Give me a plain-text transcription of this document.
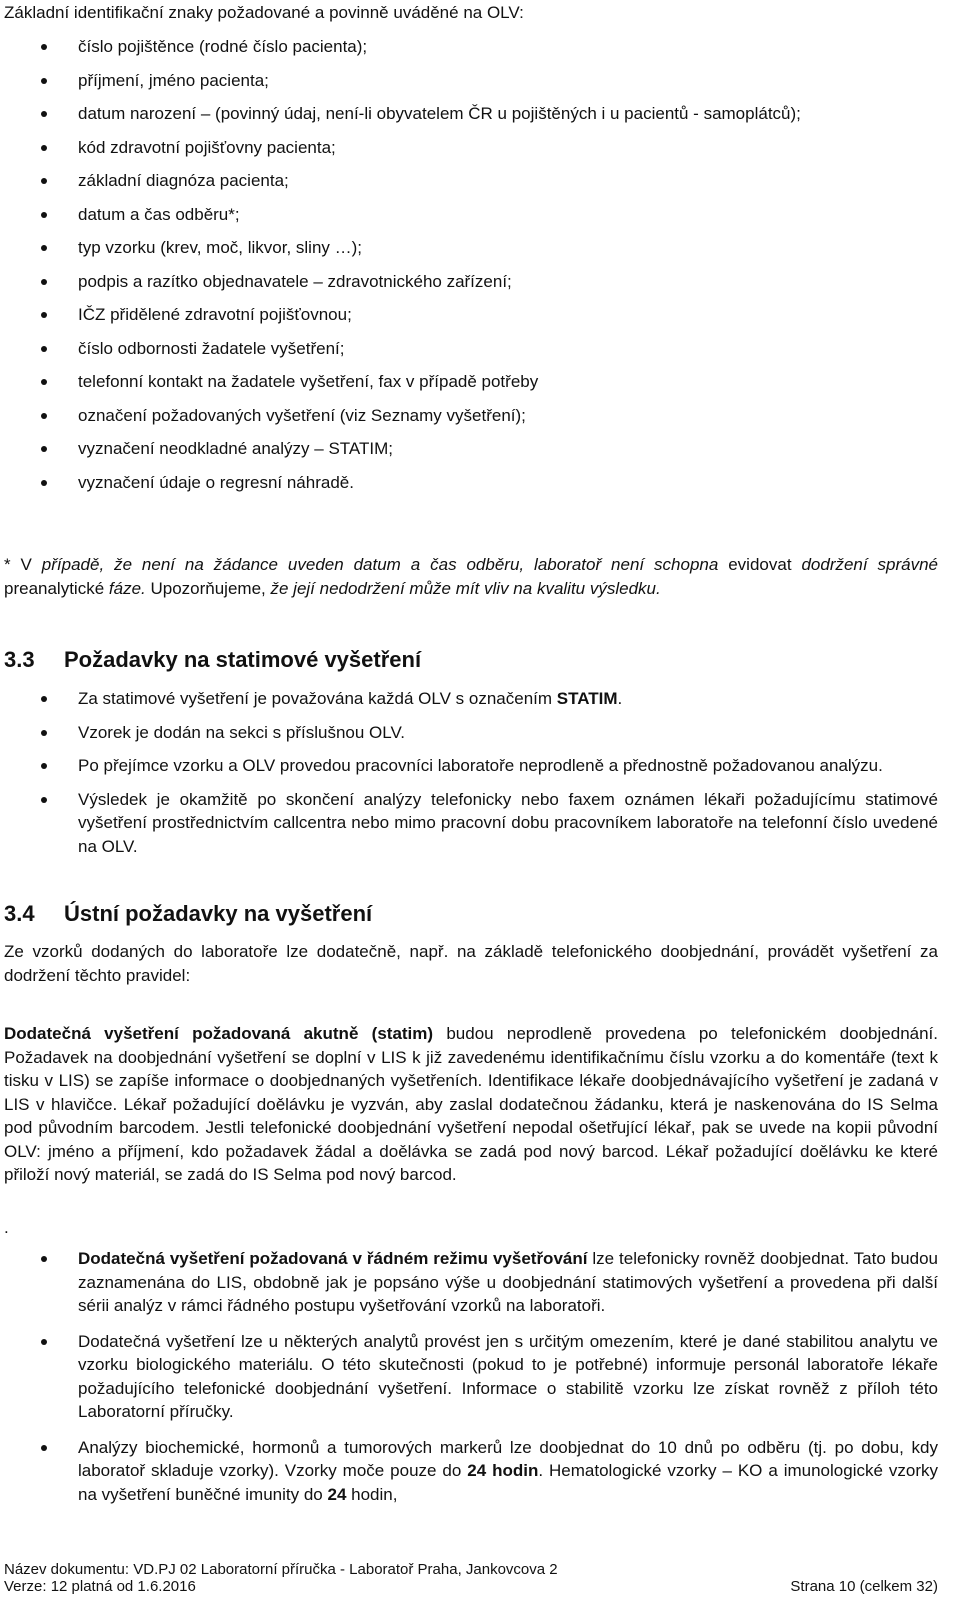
Základní identifikační znaky požadované a povinně uváděné na OLV:

číslo pojištěnce (rodné číslo pacienta);
příjmení, jméno pacienta;
datum narození – (povinný údaj, není-li obyvatelem ČR u pojištěných i u pacientů - samoplátců);
kód zdravotní pojišťovny pacienta;
základní diagnóza pacienta;
datum a čas odběru*;
typ vzorku (krev, moč, likvor, sliny …);
podpis a razítko objednavatele – zdravotnického zařízení;
IČZ přidělené zdravotní pojišťovnou;
číslo odbornosti žadatele vyšetření;
telefonní kontakt na žadatele vyšetření, fax v případě potřeby
označení požadovaných vyšetření (viz Seznamy vyšetření);
vyznačení neodkladné analýzy – STATIM;
vyznačení údaje o regresní náhradě.

* V případě, že není na žádance uveden datum a čas odběru, laboratoř není schopna evidovat dodržení správné preanalytické fáze. Upozorňujeme, že její nedodržení může mít vliv na kvalitu výsledku.

3.3 Požadavky na statimové vyšetření
Za statimové vyšetření je považována každá OLV s označením STATIM.
Vzorek je dodán na sekci s příslušnou OLV.
Po přejímce vzorku a OLV provedou pracovníci laboratoře neprodleně a přednostně požadovanou analýzu.
Výsledek je okamžitě po skončení analýzy telefonicky nebo faxem oznámen lékaři požadujícímu statimové vyšetření prostřednictvím callcentra nebo mimo pracovní dobu pracovníkem laboratoře na telefonní číslo uvedené na OLV.
3.4 Ústní požadavky na vyšetření

Ze vzorků dodaných do laboratoře lze dodatečně, např. na základě telefonického doobjednání, provádět vyšetření za dodržení těchto pravidel:

Dodatečná vyšetření požadovaná akutně (statim) budou neprodleně provedena po telefonickém doobjednání. Požadavek na doobjednání vyšetření se doplní v LIS k již zavedenému identifikačnímu číslu vzorku a do komentáře (text k tisku v LIS) se zapíše informace o doobjednaných vyšetřeních. Identifikace lékaře doobjednávajícího vyšetření je zadaná v LIS v hlavičce. Lékař požadující doělávku je vyzván, aby zaslal dodatečnou žádanku, která je naskenována do IS Selma pod původním barcodem. Jestli telefonické doobjednání vyšetření nepodal ošetřující lékař, pak se uvede na kopii původní OLV: jméno a příjmení, kdo požadavek žádal a doělávka se zadá pod nový barcod. Lékař požadující doělávku ke které přiloží nový materiál, se zadá do IS Selma pod nový barcod.

.

Dodatečná vyšetření požadovaná v řádném režimu vyšetřování lze telefonicky rovněž doobjednat. Tato budou zaznamenána do LIS, obdobně jak je popsáno výše u doobjednání statimových vyšetření a provedena při další sérii analýz v rámci řádného postupu vyšetřování vzorků na laboratoři.
Dodatečná vyšetření lze u některých analytů provést jen s určitým omezením, které je dané stabilitou analytu ve vzorku biologického materiálu. O této skutečnosti (pokud to je potřebné) informuje personál laboratoře lékaře požadujícího telefonické doobjednání vyšetření. Informace o stabilitě vzorku lze získat rovněž z příloh této Laboratorní příručky.
Analýzy biochemické, hormonů a tumorových markerů lze doobjednat do 10 dnů po odběru (tj. po dobu, kdy laboratoř skladuje vzorky). Vzorky moče pouze do 24 hodin. Hematologické vzorky – KO a imunologické vzorky na vyšetření buněčné imunity do 24 hodin,
Název dokumentu: VD.PJ 02 Laboratorní příručka - Laboratoř Praha, Jankovcova 2
Verze: 12 platná od 1.6.2016	Strana 10 (celkem 32)
